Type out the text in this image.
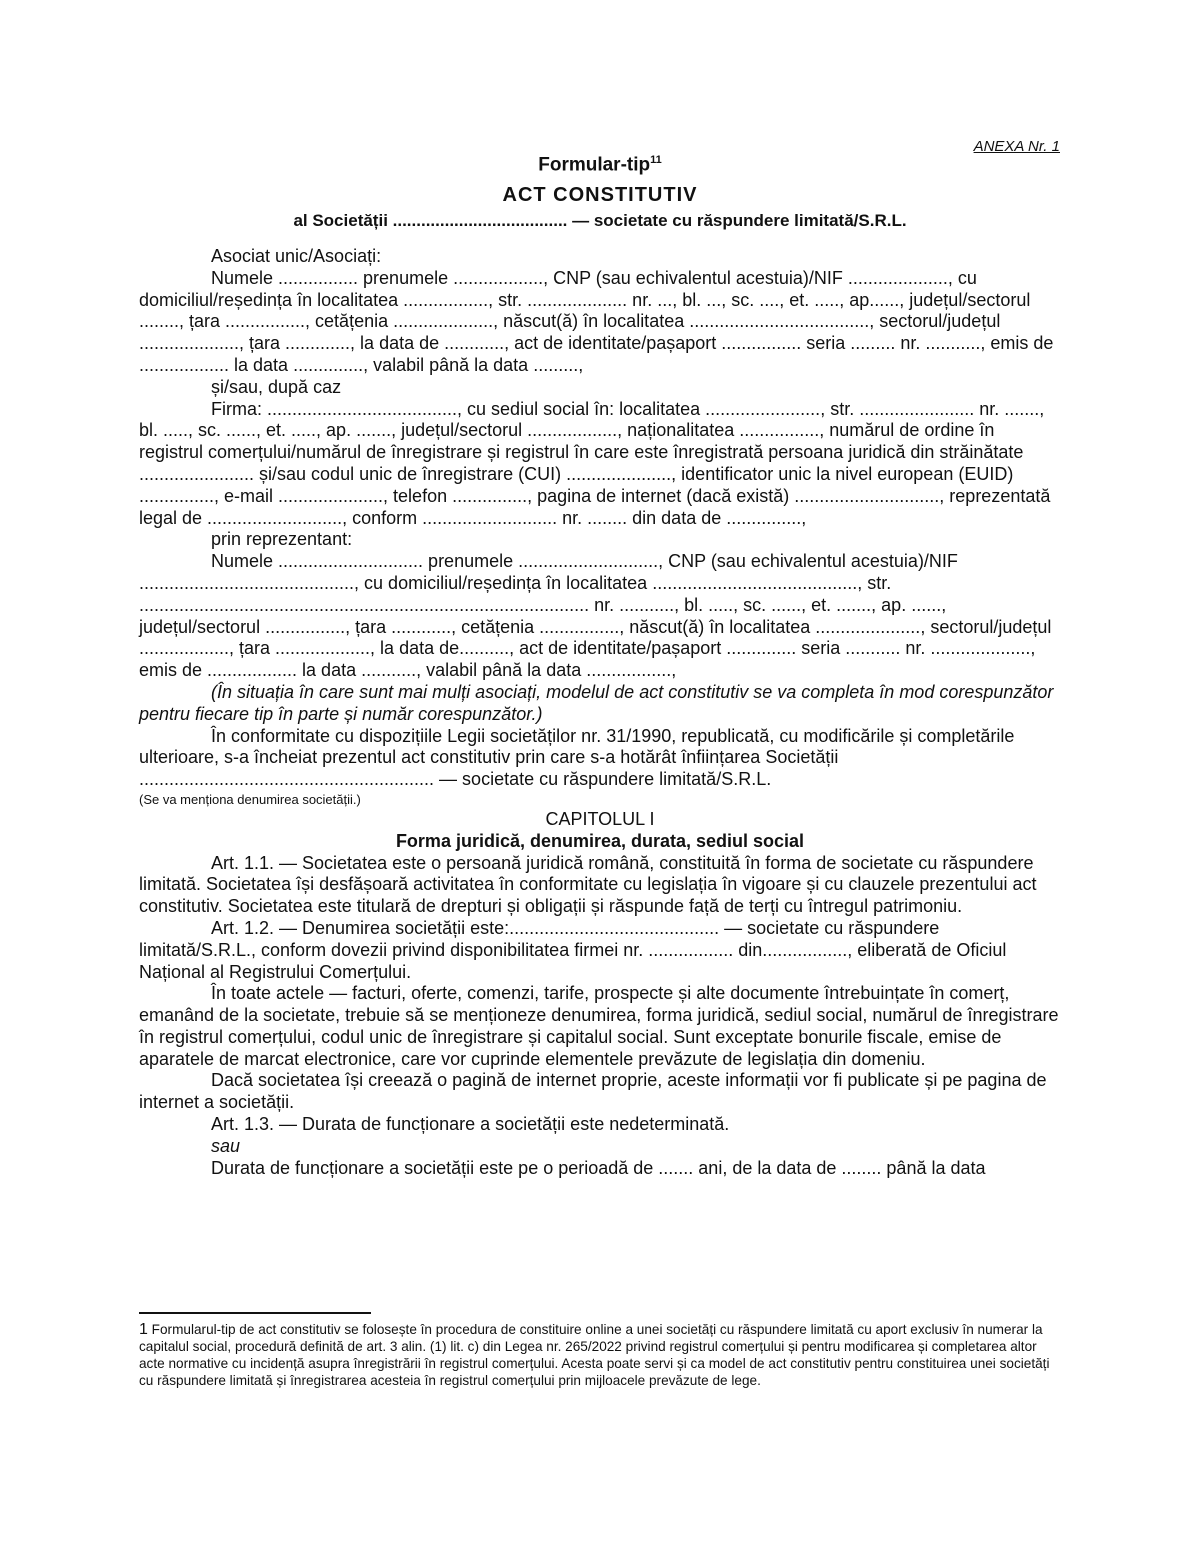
ANEXA Nr. 1
Formular-tip$^{11}$
ACT CONSTITUTIV
al Societății ..................................... — societate cu răspundere limitată/S.R.L.

Asociat unic/Asociați:

Numele ................ prenumele .................., CNP (sau echivalentul acestuia)/NIF ...................., cu domiciliul/reședința în localitatea ................., str. .................... nr. ..., bl. ..., sc. ...., et. ....., ap......, județul/sectorul ........, țara ................, cetățenia ...................., născut(ă) în localitatea ...................................., sectorul/județul ...................., țara ............., la data de ............, act de identitate/pașaport ................ seria ......... nr. ..........., emis de .................. la data .............., valabil până la data .........,

și/sau, după caz

Firma: ......................................, cu sediul social în: localitatea ......................., str. ....................... nr. ......., bl. ....., sc. ......, et. ....., ap. ......., județul/sectorul .................., naționalitatea ................, numărul de ordine în registrul comerțului/numărul de înregistrare și registrul în care este înregistrată persoana juridică din străinătate ....................... și/sau codul unic de înregistrare (CUI) ....................., identificator unic la nivel european (EUID) ..............., e-mail ....................., telefon ..............., pagina de internet (dacă există) ............................., reprezentată legal de ..........................., conform ........................... nr. ........ din data de ...............,

prin reprezentant:

Numele ............................. prenumele ............................, CNP (sau echivalentul acestuia)/NIF ..........................................., cu domiciliul/reședința în localitatea ........................................., str. .......................................................................................... nr. ..........., bl. ....., sc. ......, et. ......., ap. ......, județul/sectorul ................, țara ............, cetățenia ................, născut(ă) în localitatea ....................., sectorul/județul .................., țara ..................., la data de.........., act de identitate/pașaport .............. seria ........... nr. ...................., emis de .................. la data ..........., valabil până la data .................,

(În situația în care sunt mai mulți asociați, modelul de act constitutiv se va completa în mod corespunzător pentru fiecare tip în parte și număr corespunzător.)

În conformitate cu dispozițiile Legii societăților nr. 31/1990, republicată, cu modificările și completările ulterioare, s-a încheiat prezentul act constitutiv prin care s-a hotărât înființarea Societății ........................................................... — societate cu răspundere limitată/S.R.L.

(Se va menționa denumirea societății.)

CAPITOLUL I

Forma juridică, denumirea, durata, sediul social

Art. 1.1. — Societatea este o persoană juridică română, constituită în forma de societate cu răspundere limitată. Societatea își desfășoară activitatea în conformitate cu legislația în vigoare și cu clauzele prezentului act constitutiv. Societatea este titulară de drepturi și obligații și răspunde față de terți cu întregul patrimoniu.

Art. 1.2. — Denumirea societății este:.......................................... — societate cu răspundere limitată/S.R.L., conform dovezii privind disponibilitatea firmei nr. ................. din................., eliberată de Oficiul Național al Registrului Comerțului.

În toate actele — facturi, oferte, comenzi, tarife, prospecte și alte documente întrebuințate în comerț, emanând de la societate, trebuie să se menționeze denumirea, forma juridică, sediul social, numărul de înregistrare în registrul comerțului, codul unic de înregistrare și capitalul social. Sunt exceptate bonurile fiscale, emise de aparatele de marcat electronice, care vor cuprinde elementele prevăzute de legislația din domeniu.

Dacă societatea își creează o pagină de internet proprie, aceste informații vor fi publicate și pe pagina de internet a societății.

Art. 1.3. — Durata de funcționare a societății este nedeterminată.

sau

Durata de funcționare a societății este pe o perioadă de ....... ani, de la data de ........ până la data

1 Formularul-tip de act constitutiv se folosește în procedura de constituire online a unei societăți cu răspundere limitată cu aport exclusiv în numerar la capitalul social, procedură definită de art. 3 alin. (1) lit. c) din Legea nr. 265/2022 privind registrul comerțului și pentru modificarea și completarea altor acte normative cu incidență asupra înregistrării în registrul comerțului. Acesta poate servi și ca model de act constitutiv pentru constituirea unei societăți cu răspundere limitată și înregistrarea acesteia în registrul comerțului prin mijloacele prevăzute de lege.
